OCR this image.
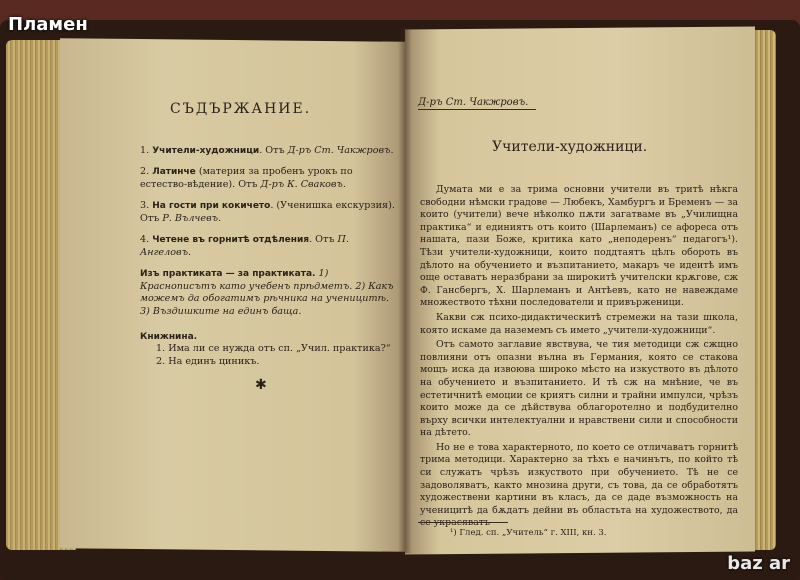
СЪДЪРЖАНИЕ.
1. Учители-художници. Отъ Д-ръ Ст. Чакжровъ.
2. Латинче (материя за пробенъ урокъ по естество-вѣдение). Отъ Д-ръ К. Сваковъ.
3. На гости при кокичето. (Ученишка екскурзия). Отъ Р. Вълчевъ.
4. Четене въ горнитѣ отдѣления. Отъ П. Ангеловъ.
Изъ практиката — за практиката. 1) Краснописътъ като учебенъ прѣдметъ. 2) Какъ можемъ да обогатимъ рѣчника на ученицитѣ. 3) Въздишките на единъ баща.
Книжнина.
1. Има ли се нужда отъ сп. „Учил. практика?“
2. На единъ циникъ.
✱
Д-ръ Ст. Чакжровъ.
Учители-художници.

Думата ми е за трима основни учители въ тритѣ нѣкга свободни нѣмски градове — Любекъ, Хамбургъ и Бременъ — за които (учители) вече нѣколко пѫти загатваме въ „Училищна практика“ и единиятъ отъ които (Шарлеманъ) се афореса отъ нашата, пази Боже, критика като „неподеренъ“ педагогъ¹). Тѣзи учители-художници, които поддтаятъ цѣлъ обороть въ дѣлото на обучението и възпитанието, макаръ че идеитѣ имъ още оставатъ неразбрани за широкитѣ учителски крѫгове, сж Ф. Гансбергъ, Х. Шарлеманъ и Антѣевъ, като не навеждаме множеството тѣхни последователи и привърженици.

Какви сж психо-дидактическитѣ стремежи на тази школа, която искаме да наземемъ съ името „учители-художници“.

Отъ самото заглавие явствува, че тия методици сж сжщно повлияни отъ опазни вълна въ Германия, която се стакова мощъ иска да извоюва широко мѣсто на изкуството въ дѣлото на обучението и възпитанието. И тѣ сж на мнѣние, че въ естетичнитѣ емоции се криятъ силни и трайни импулси, чрѣзъ които може да се дѣйствува облагоротелно и подбудително върху всички интелектуални и нравствени сили и способности на дѣтето.

Но не е това характерното, по което се отличаватъ горнитѣ трима методици. Характерно за тѣхъ е начинътъ, по който тѣ си служатъ чрѣзъ изкуството при обучението. Тѣ не се задоволяватъ, както мнозина други, съ това, да се обработятъ художествени картини въ класъ, да се даде възможность на ученицитѣ да бѫдатъ дейни въ областьта на художеството, да

¹) Глед. сп. „Учитель“ г. XIII, кн. 3.
Пламен
baz ar
